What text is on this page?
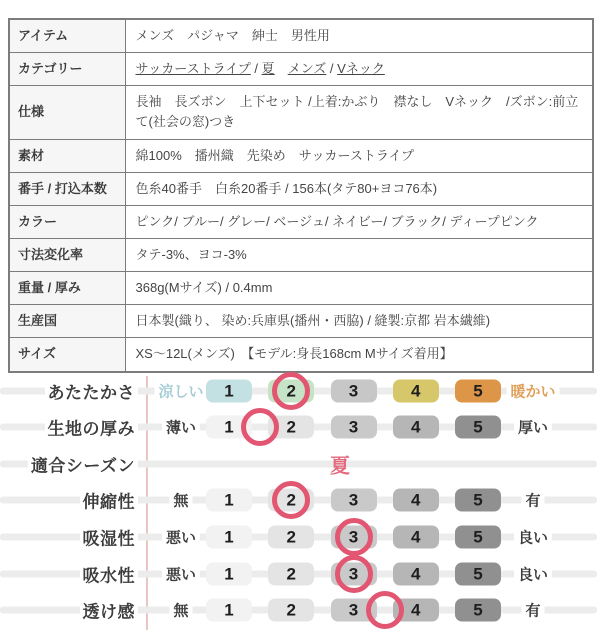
アイテム	メンズ　パジャマ　紳士　男性用
カテゴリー	サッカーストライプ / 夏　 メンズ / Vネック
仕様	長袖　長ズボン　上下セット /上着:かぶり　襟なし　Vネック　/ズボン:前立て(社会の窓)つき
素材	綿100%　播州織　先染め　サッカーストライプ
番手 / 打込本数	色糸40番手　白糸20番手 / 156本(タテ80+ヨコ76本)
カラー	ピンク/ ブルー/ グレー/ ベージュ/ ネイビー/ ブラック/ ディープピンク
寸法変化率	タテ-3%、ヨコ-3%
重量 / 厚み	368g(Mサイズ) / 0.4mm
生産国	日本製(織り、 染め:兵庫県(播州・西脇) / 縫製:京都 岩本繊維)
サイズ	XS〜12L(メンズ)　【モデル:身長168cm Mサイズ着用】
あたたかさ 涼しい	1	2	3	4	5	暖かい
生地の厚み 薄い	1	2	3	4	5	厚い
適合シーズン	夏
伸縮性	無	1	2	3	4	5	有
吸湿性 悪い	1	2	3	4	5	良い
吸水性 悪い	1	2	3	4	5	良い
透け感	無	1	2	3	4	5	有
